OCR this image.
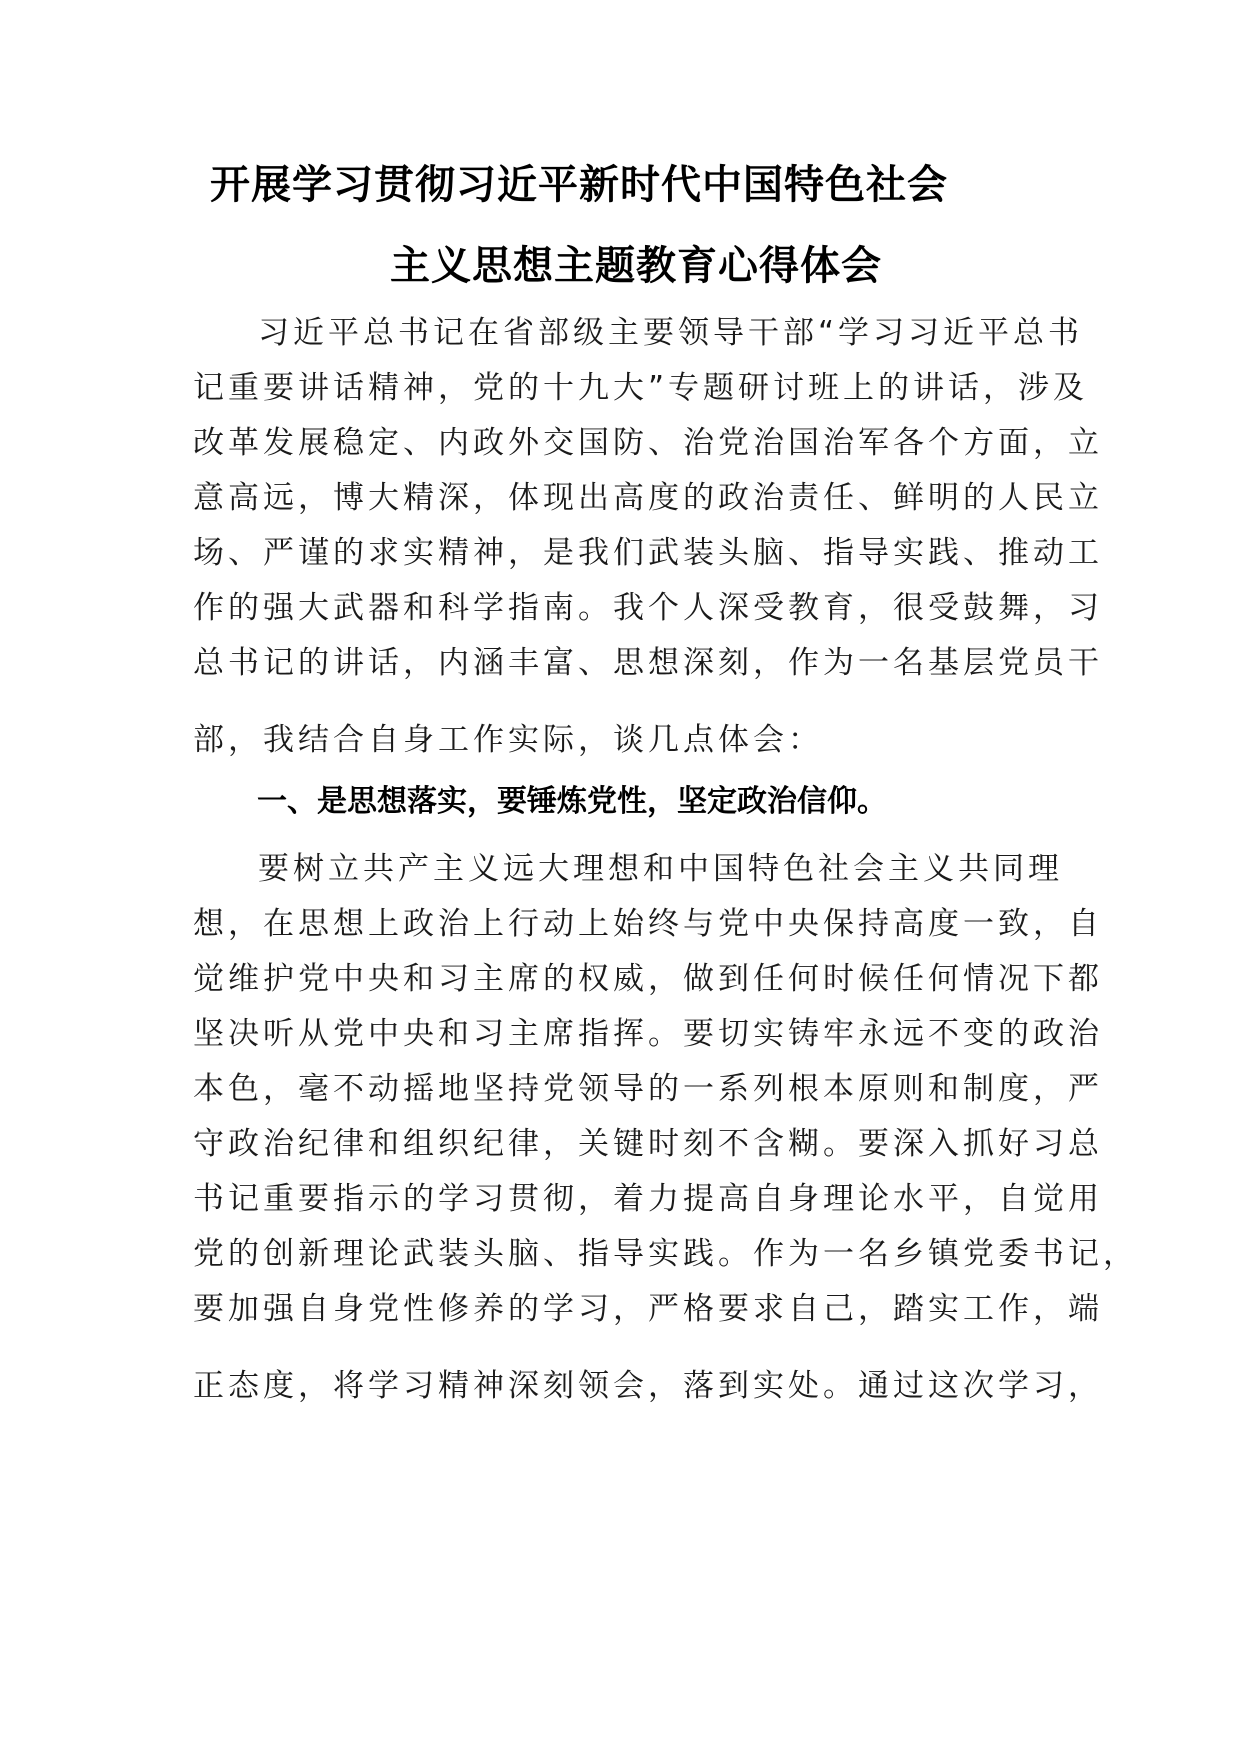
开展学习贯彻习近平新时代中国特色社会
主义思想主题教育心得体会
习近平总书记在省部级主要领导干部“学习习近平总书
记重要讲话精神，党的十九大”专题研讨班上的讲话，涉及
改革发展稳定、内政外交国防、治党治国治军各个方面，立
意高远，博大精深，体现出高度的政治责任、鲜明的人民立
场、严谨的求实精神，是我们武装头脑、指导实践、推动工
作的强大武器和科学指南。我个人深受教育，很受鼓舞，习
总书记的讲话，内涵丰富、思想深刻，作为一名基层党员干
部，我结合自身工作实际，谈几点体会：
一、是思想落实，要锤炼党性，坚定政治信仰。
要树立共产主义远大理想和中国特色社会主义共同理
想，在思想上政治上行动上始终与党中央保持高度一致，自
觉维护党中央和习主席的权威，做到任何时候任何情况下都
坚决听从党中央和习主席指挥。要切实铸牢永远不变的政治
本色，毫不动摇地坚持党领导的一系列根本原则和制度，严
守政治纪律和组织纪律，关键时刻不含糊。要深入抓好习总
书记重要指示的学习贯彻，着力提高自身理论水平，自觉用
党的创新理论武装头脑、指导实践。作为一名乡镇党委书记，
要加强自身党性修养的学习，严格要求自己，踏实工作，端
正态度，将学习精神深刻领会，落到实处。通过这次学习，
